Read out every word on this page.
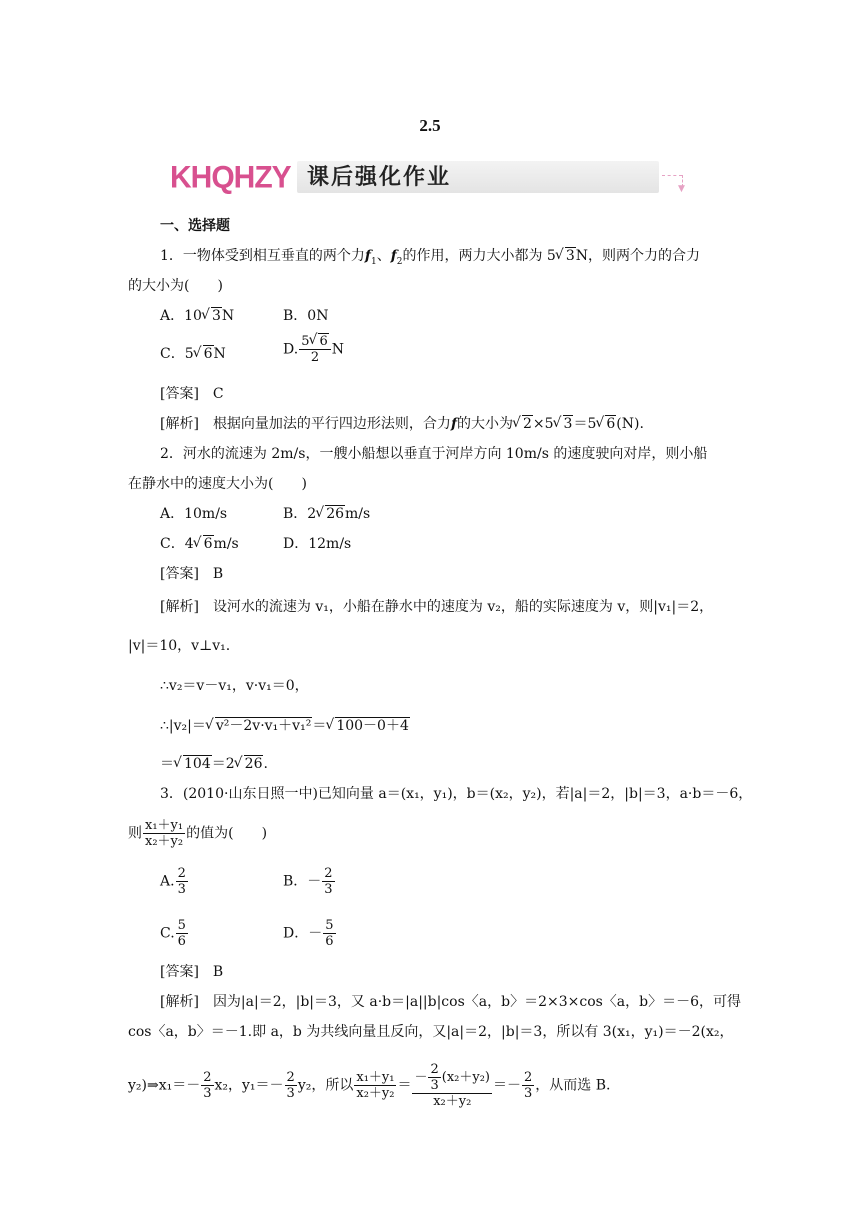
2.5
KHQHZY 课后强化作业	▼
一、选择题
1．一物体受到相互垂直的两个力$f_1$、$f_2$的作用，两力大小都为 5 √ 3N，则两个力的合力
的大小为(　　)
A．10 √ 3N	B．0N
C．5 √ 6N	D. $\frac{5 √ 6}{2}$ N
[答案]　C
[解析]　 根据向量加法的平行四边形法则，合力f的大小为 √ 2×5 √ 3＝5 √ 6(N).
2．河水的流速为 2m/s，一艘小船想以垂直于河岸方向 10m/s 的速度驶向对岸，则小船
在静水中的速度大小为(　　)
A．10m/s	B．2 √ 26m/s
C．4 √ 6m/s	D．12m/s
[答案]　B
[解析]　 设河水的流速为 v₁，小船在静水中的速度为 v₂，船的实际速度为 v，则|v₁|＝2，
|v|＝10，v⊥v₁.
∴v₂＝v－v₁，v·v₁＝0，
∴|v₂|＝ √ v²－2v·v₁＋v₁²＝ √ 100－0＋4
＝ √ 104＝2 √ 26.
3．(2010·山东日照一中)已知向量 a＝(x₁，y₁)，b＝(x₂，y₂)，若|a|＝2，|b|＝3，a·b＝－6，
则 $\frac{\text{x₁＋y₁}}{\text{x₂＋y₂}}$ 的值为(　　)
A. $\frac{2}{3}$	B．－ $\frac{2}{3}$
C. $\frac{5}{6}$	D．－ $\frac{5}{6}$
[答案]　B
[解析]　 因为|a|＝2，|b|＝3，又 a·b＝|a||b|cos〈a，b〉＝2×3×cos〈a，b〉＝－6，可得
cos〈a，b〉＝－1.即 a，b 为共线向量且反向，又|a|＝2，|b|＝3，所以有 3(x₁，y₁)＝－2(x₂，
y₂)⇒x₁＝－ $\frac{2}{3} x_2$，$y_1=- \frac{2}{3} y_2$，所以 $\frac{\text{x₁＋y₁}}{\text{x₂＋y₂}} = \frac{- \frac{2}{3} (x_2+y_2)}{\text{x₂＋y₂}} =- \frac{2}{3}$ ，从而选 B.
